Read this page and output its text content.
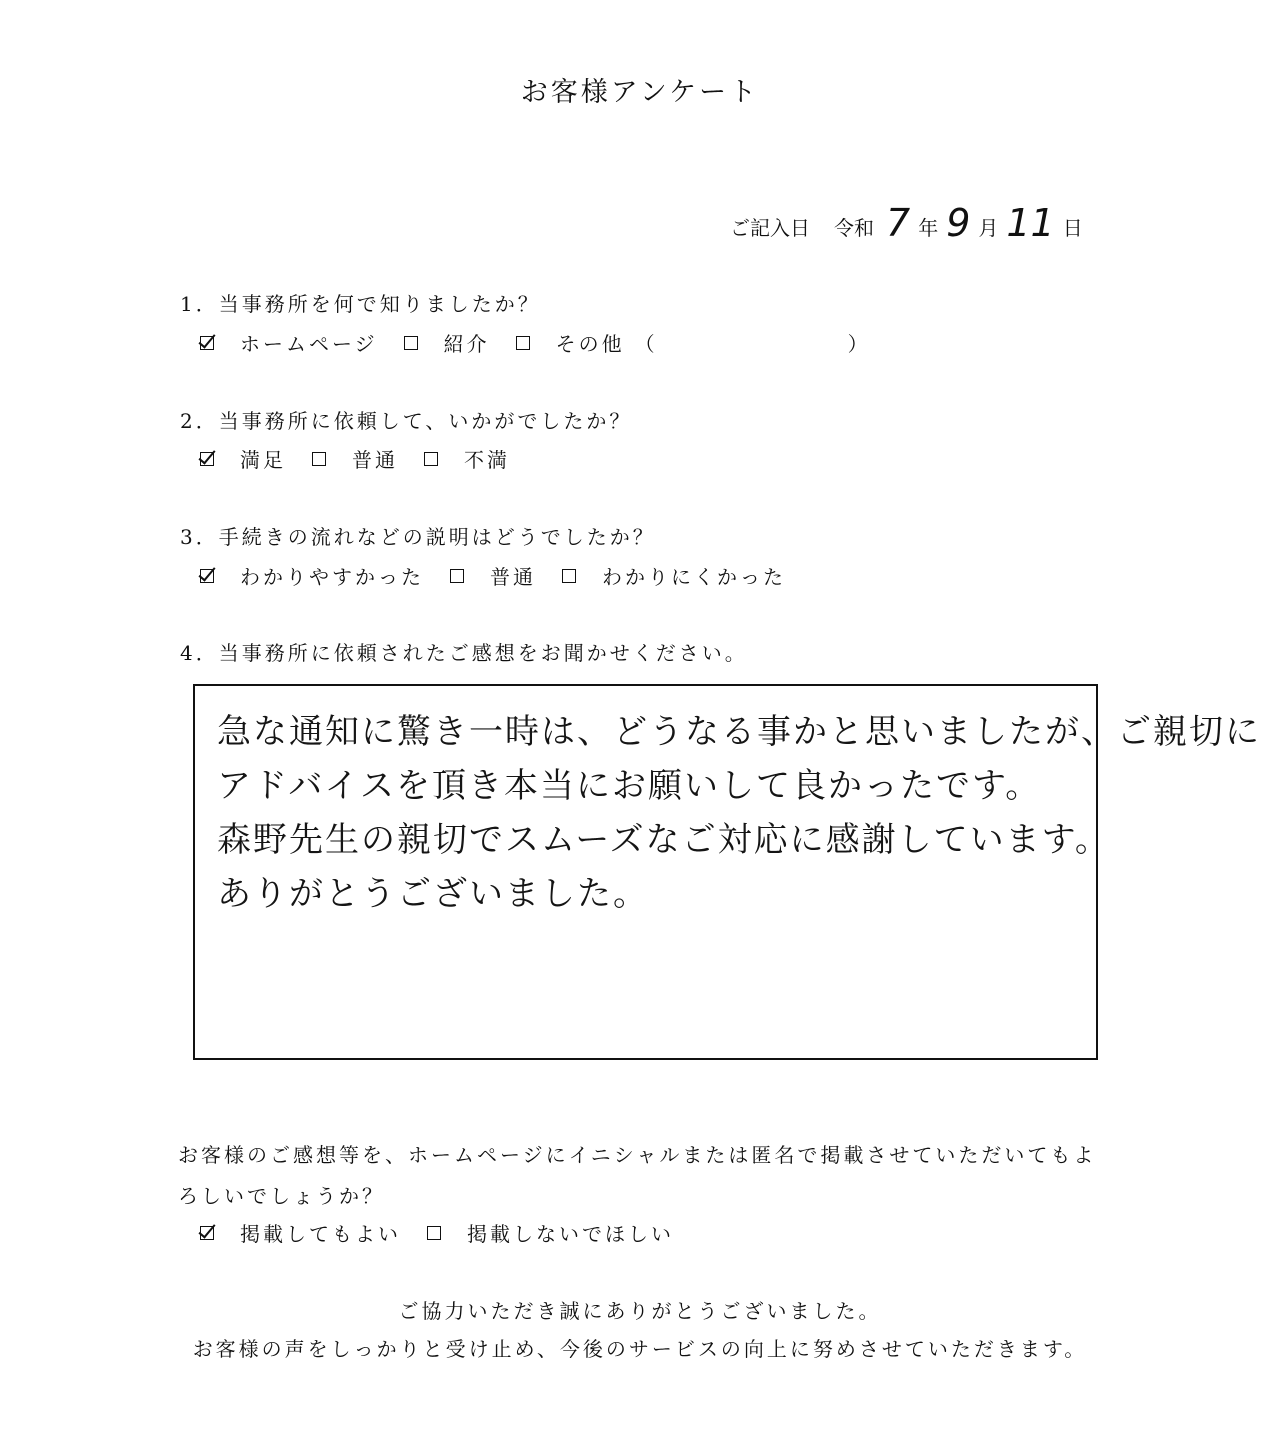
お客様アンケート
ご記入日 令和 7 年 9 月 11 日
1．当事務所を何で知りましたか？
ホームページ	紹介	その他 （	）
2．当事務所に依頼して、いかがでしたか？
満足	普通	不満
3．手続きの流れなどの説明はどうでしたか？
わかりやすかった	普通	わかりにくかった
4．当事務所に依頼されたご感想をお聞かせください。
急な通知に驚き一時は、どうなる事かと思いましたが、ご親切に
アドバイスを頂き本当にお願いして良かったです。
森野先生の親切でスムーズなご対応に感謝しています。
ありがとうございました。
お客様のご感想等を、ホームページにイニシャルまたは匿名で掲載させていただいてもよ
ろしいでしょうか？
掲載してもよい	掲載しないでほしい
ご協力いただき誠にありがとうございました。
お客様の声をしっかりと受け止め、今後のサービスの向上に努めさせていただきます。
